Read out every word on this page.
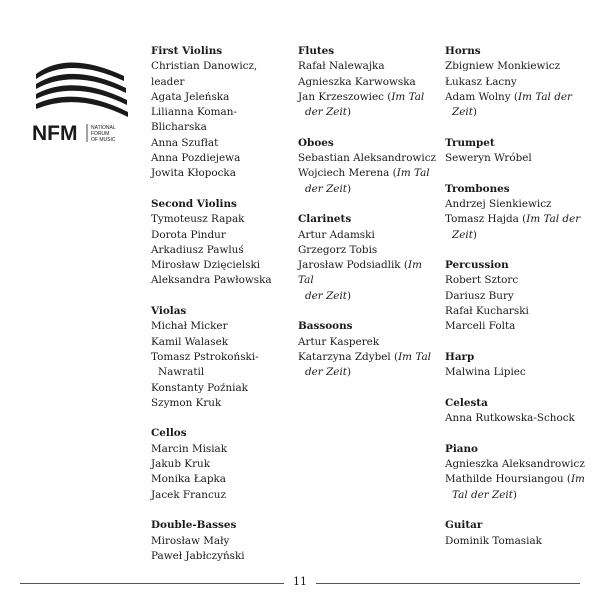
NFM	NATIONAL
FORUM
OF MUSIC
First Violins
Christian Danowicz, leader
Agata Jeleńska
Lilianna Koman-Blicharska
Anna Szufłat
Anna Pozdiejewa
Jowita Kłopocka
Second Violins
Tymoteusz Rapak
Dorota Pindur
Arkadiusz Pawluś
Mirosław Dzięcielski
Aleksandra Pawłowska
Violas
Michał Micker
Kamil Walasek
Tomasz Pstrokoński-
Nawratil
Konstanty Poźniak
Szymon Kruk
Cellos
Marcin Misiak
Jakub Kruk
Monika Łapka
Jacek Francuz
Double-Basses
Mirosław Mały
Paweł Jabłczyński
Flutes
Rafał Nalewajka
Agnieszka Karwowska
Jan Krzeszowiec (Im Tal
der Zeit)
Oboes
Sebastian Aleksandrowicz
Wojciech Merena (Im Tal
der Zeit)
Clarinets
Artur Adamski
Grzegorz Tobis
Jarosław Podsiadlik (Im Tal
der Zeit)
Bassoons
Artur Kasperek
Katarzyna Zdybel (Im Tal
der Zeit)
Horns
Zbigniew Monkiewicz
Łukasz Łacny
Adam Wolny (Im Tal der
Zeit)
Trumpet
Seweryn Wróbel
Trombones
Andrzej Sienkiewicz
Tomasz Hajda (Im Tal der
Zeit)
Percussion
Robert Sztorc
Dariusz Bury
Rafał Kucharski
Marceli Folta
Harp
Malwina Lipiec
Celesta
Anna Rutkowska-Schock
Piano
Agnieszka Aleksandrowicz
Mathilde Hoursiangou (Im
Tal der Zeit)
Guitar
Dominik Tomasiak
11
